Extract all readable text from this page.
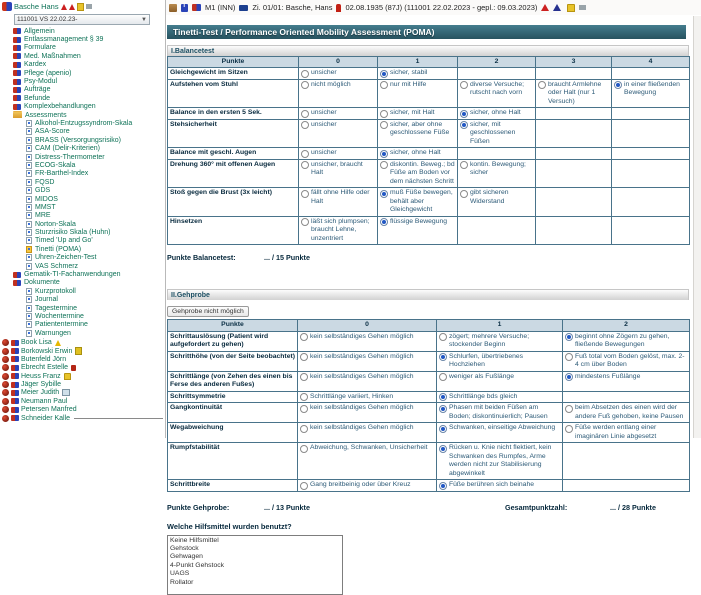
Basche Hans
111001 VS 22.02.23-	▼
Allgemein
Entlassmanagement § 39
Formulare
Med. Maßnahmen
Kardex
Pflege (apenio)
Psy-Modul
Aufträge
Befunde
Komplexbehandlungen
Assessments
Alkohol-Entzugssyndrom-Skala
ASA-Score
BRASS (Versorgungsrisiko)
CAM (Delir-Kriterien)
Distress-Thermometer
ECOG-Skala
FR-Barthel-Index
FQSD
GDS
MIDOS
MMST
MRE
Norton-Skala
Sturzrisiko Skala (Huhn)
Timed 'Up and Go'
Tinetti (POMA)
Uhren-Zeichen-Test
VAS Schmerz
Gematik-TI-Fachanwendungen
Dokumente
Kurzprotokoll
Journal
Tagestermine
Wochentermine
Patiententermine
Warnungen
Book Lisa
Borkowski Erwin
Butenfeld Jörn
Ebrecht Estelle
Heuss Franz
Jäger Sybille
Meier Judith
Neumann Paul
Petersen Manfred
Schneider Kalle
i
M1 (INN) Zi. 01/01: Basche, Hans 02.08.1935 (87J) (111001 22.02.2023 - gepl.: 09.03.2023)
Tinetti-Test / Performance Oriented Mobility Assessment (POMA)
I.Balancetest
Punkte	0	1	2	3	4
Gleichgewicht im Sitzen	unsicher	sicher, stabil			

Aufstehen vom Stuhl	nicht möglich	nur mit Hilfe	diverse Versuche; rutscht nach vorn	braucht Armlehne oder Halt (nur 1 Versuch)	in einer fließenden Bewegung

Balance in den ersten 5 Sek.	unsicher	sicher, mit Halt	sicher, ohne Halt		

Stehsicherheit	unsicher	sicher, aber ohne geschlossene Füße	sicher, mit geschlossenen Füßen		

Balance mit geschl. Augen	unsicher	sicher, ohne Halt			

Drehung 360° mit offenen Augen	unsicher, braucht Halt	diskontin. Beweg.; bd Füße am Boden vor dem nächsten Schritt	kontin. Bewegung; sicher		

Stoß gegen die Brust (3x leicht)	fällt ohne Hilfe oder Halt	muß Füße bewegen, behält aber Gleichgewicht	gibt sicheren Widerstand		

Hinsetzen	läßt sich plumpsen; braucht Lehne, unzentriert	flüssige Bewegung			

Punkte Balancetest:	... / 15 Punkte
II.Gehprobe
Gehprobe nicht möglich
Punkte	0	1	2
Schrittauslösung (Patient wird aufgefordert zu gehen)	kein selbständiges Gehen möglich	zögert; mehrere Versuche; stockender Beginn	beginnt ohne Zögern zu gehen, fließende Bewegungen

Schritthöhe (von der Seite beobachtet)	kein selbständiges Gehen möglich	Schlurfen, übertriebenes Hochziehen	Fuß total vom Boden gelöst, max. 2-4 cm über Boden

Schrittlänge (von Zehen des einen bis Ferse des anderen Fußes)	kein selbständiges Gehen möglich	weniger als Fußlänge	mindestens Fußlänge

Schrittsymmetrie	Schrittlänge variiert, Hinken	Schrittlänge bds gleich	

Gangkontinuität	kein selbständiges Gehen möglich	Phasen mit beiden Füßen am Boden; diskontinuierlich; Pausen	beim Absetzen des einen wird der andere Fuß gehoben, keine Pausen

Wegabweichung	kein selbständiges Gehen möglich	Schwanken, einseitige Abweichung	Füße werden entlang einer imaginären Linie abgesetzt

Rumpfstabilität	Abweichung, Schwanken, Unsicherheit	Rücken u. Knie nicht flektiert, kein Schwanken des Rumpfes, Arme werden nicht zur Stabilisierung abgewinkelt	

Schrittbreite	Gang breitbeinig oder über Kreuz	Füße berühren sich beinahe	

Punkte Gehprobe:	... / 13 Punkte	Gesamtpunktzahl:	... / 28 Punkte
Welche Hilfsmittel wurden benutzt?
Keine Hilfsmittel
Gehstock
Gehwagen
4-Punkt Gehstock
UAGS
Rollator
